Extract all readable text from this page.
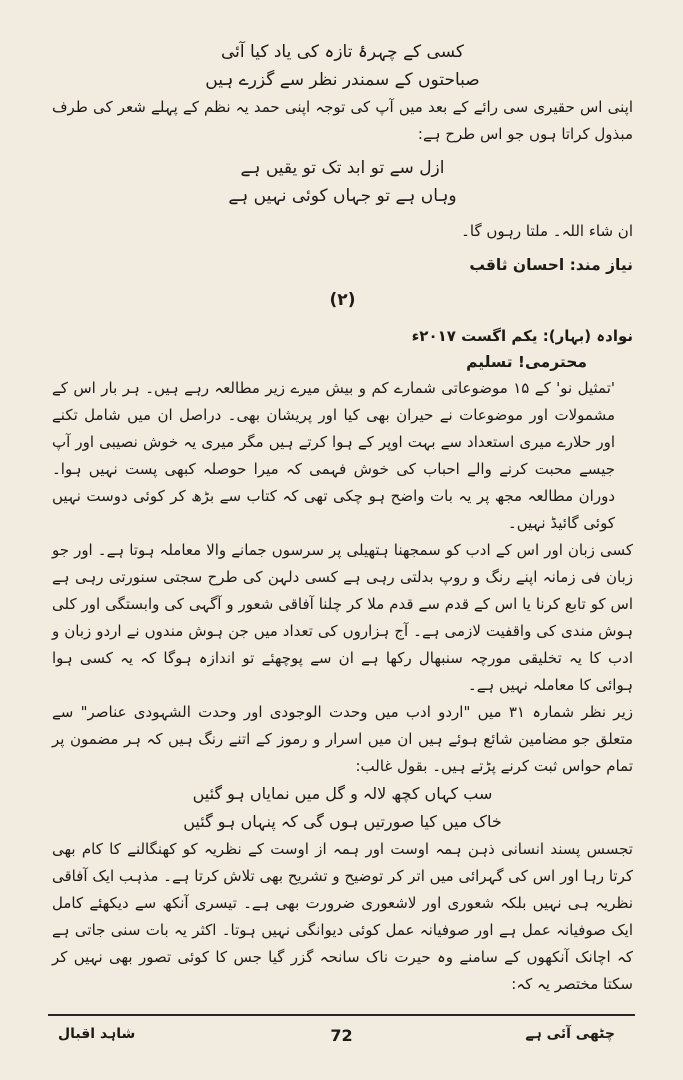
کسی کے چہرۂ تازہ کی یاد کیا آئی

صباحتوں کے سمندر نظر سے گزرے ہیں

اپنی اس حقیری سی رائے کے بعد میں آپ کی توجہ اپنی حمد یہ نظم کے پہلے شعر کی طرف مبذول کراتا ہوں جو اس طرح ہے:

ازل سے تو ابد تک تو یقیں ہے

وہاں ہے تو جہاں کوئی نہیں ہے

ان شاء اللہ۔ ملتا رہوں گا۔

نیاز مند: احسان ثاقب

(۲)

نوادہ (بہار): یکم اگست ۲۰۱۷ء

محترمی! تسلیم

'تمثیل نو' کے ۱۵ موضوعاتی شمارے کم و بیش میرے زیر مطالعہ رہے ہیں۔ ہر بار اس کے مشمولات اور موضوعات نے حیران بھی کیا اور پریشان بھی۔ دراصل ان میں شامل تکنے اور حلارے میری استعداد سے بہت اوپر کے ہوا کرتے ہیں مگر میری یہ خوش نصیبی اور آپ جیسے محبت کرنے والے احباب کی خوش فہمی کہ میرا حوصلہ کبھی پست نہیں ہوا۔ دوران مطالعہ مجھ پر یہ بات واضح ہو چکی تھی کہ کتاب سے بڑھ کر کوئی دوست نہیں کوئی گائیڈ نہیں۔

کسی زبان اور اس کے ادب کو سمجھنا ہتھیلی پر سرسوں جمانے والا معاملہ ہوتا ہے۔ اور جو زبان فی زمانہ اپنے رنگ و روپ بدلتی رہی ہے کسی دلہن کی طرح سجتی سنورتی رہی ہے اس کو تابع کرنا یا اس کے قدم سے قدم ملا کر چلنا آفاقی شعور و آگہی کی وابستگی اور کلی ہوش مندی کی واقفیت لازمی ہے۔ آج ہزاروں کی تعداد میں جن ہوش مندوں نے اردو زبان و ادب کا یہ تخلیقی مورچہ سنبھال رکھا ہے ان سے پوچھئے تو اندازہ ہوگا کہ یہ کسی ہوا ہوائی کا معاملہ نہیں ہے۔

زیر نظر شمارہ ۳۱ میں "اردو ادب میں وحدت الوجودی اور وحدت الشہودی عناصر" سے متعلق جو مضامین شائع ہوئے ہیں ان میں اسرار و رموز کے اتنے رنگ ہیں کہ ہر مضمون پر تمام حواس ثبت کرنے پڑتے ہیں۔ بقول غالب:

سب کہاں کچھ لالہ و گل میں نمایاں ہو گئیں

خاک میں کیا صورتیں ہوں گی کہ پنہاں ہو گئیں

تجسس پسند انسانی ذہن ہمہ اوست اور ہمہ از اوست کے نظریہ کو کھنگالنے کا کام بھی کرتا رہا اور اس کی گہرائی میں اتر کر توضیح و تشریح بھی تلاش کرتا ہے۔ مذہب ایک آفاقی نظریہ ہی نہیں بلکہ شعوری اور لاشعوری ضرورت بھی ہے۔ تیسری آنکھ سے دیکھئے کامل ایک صوفیانہ عمل ہے اور صوفیانہ عمل کوئی دیوانگی نہیں ہوتا۔ اکثر یہ بات سنی جاتی ہے کہ اچانک آنکھوں کے سامنے وہ حیرت ناک سانحہ گزر گیا جس کا کوئی تصور بھی نہیں کر سکتا مختصر یہ کہ:

شاہد اقبال	72	چٹھی آئی ہے
